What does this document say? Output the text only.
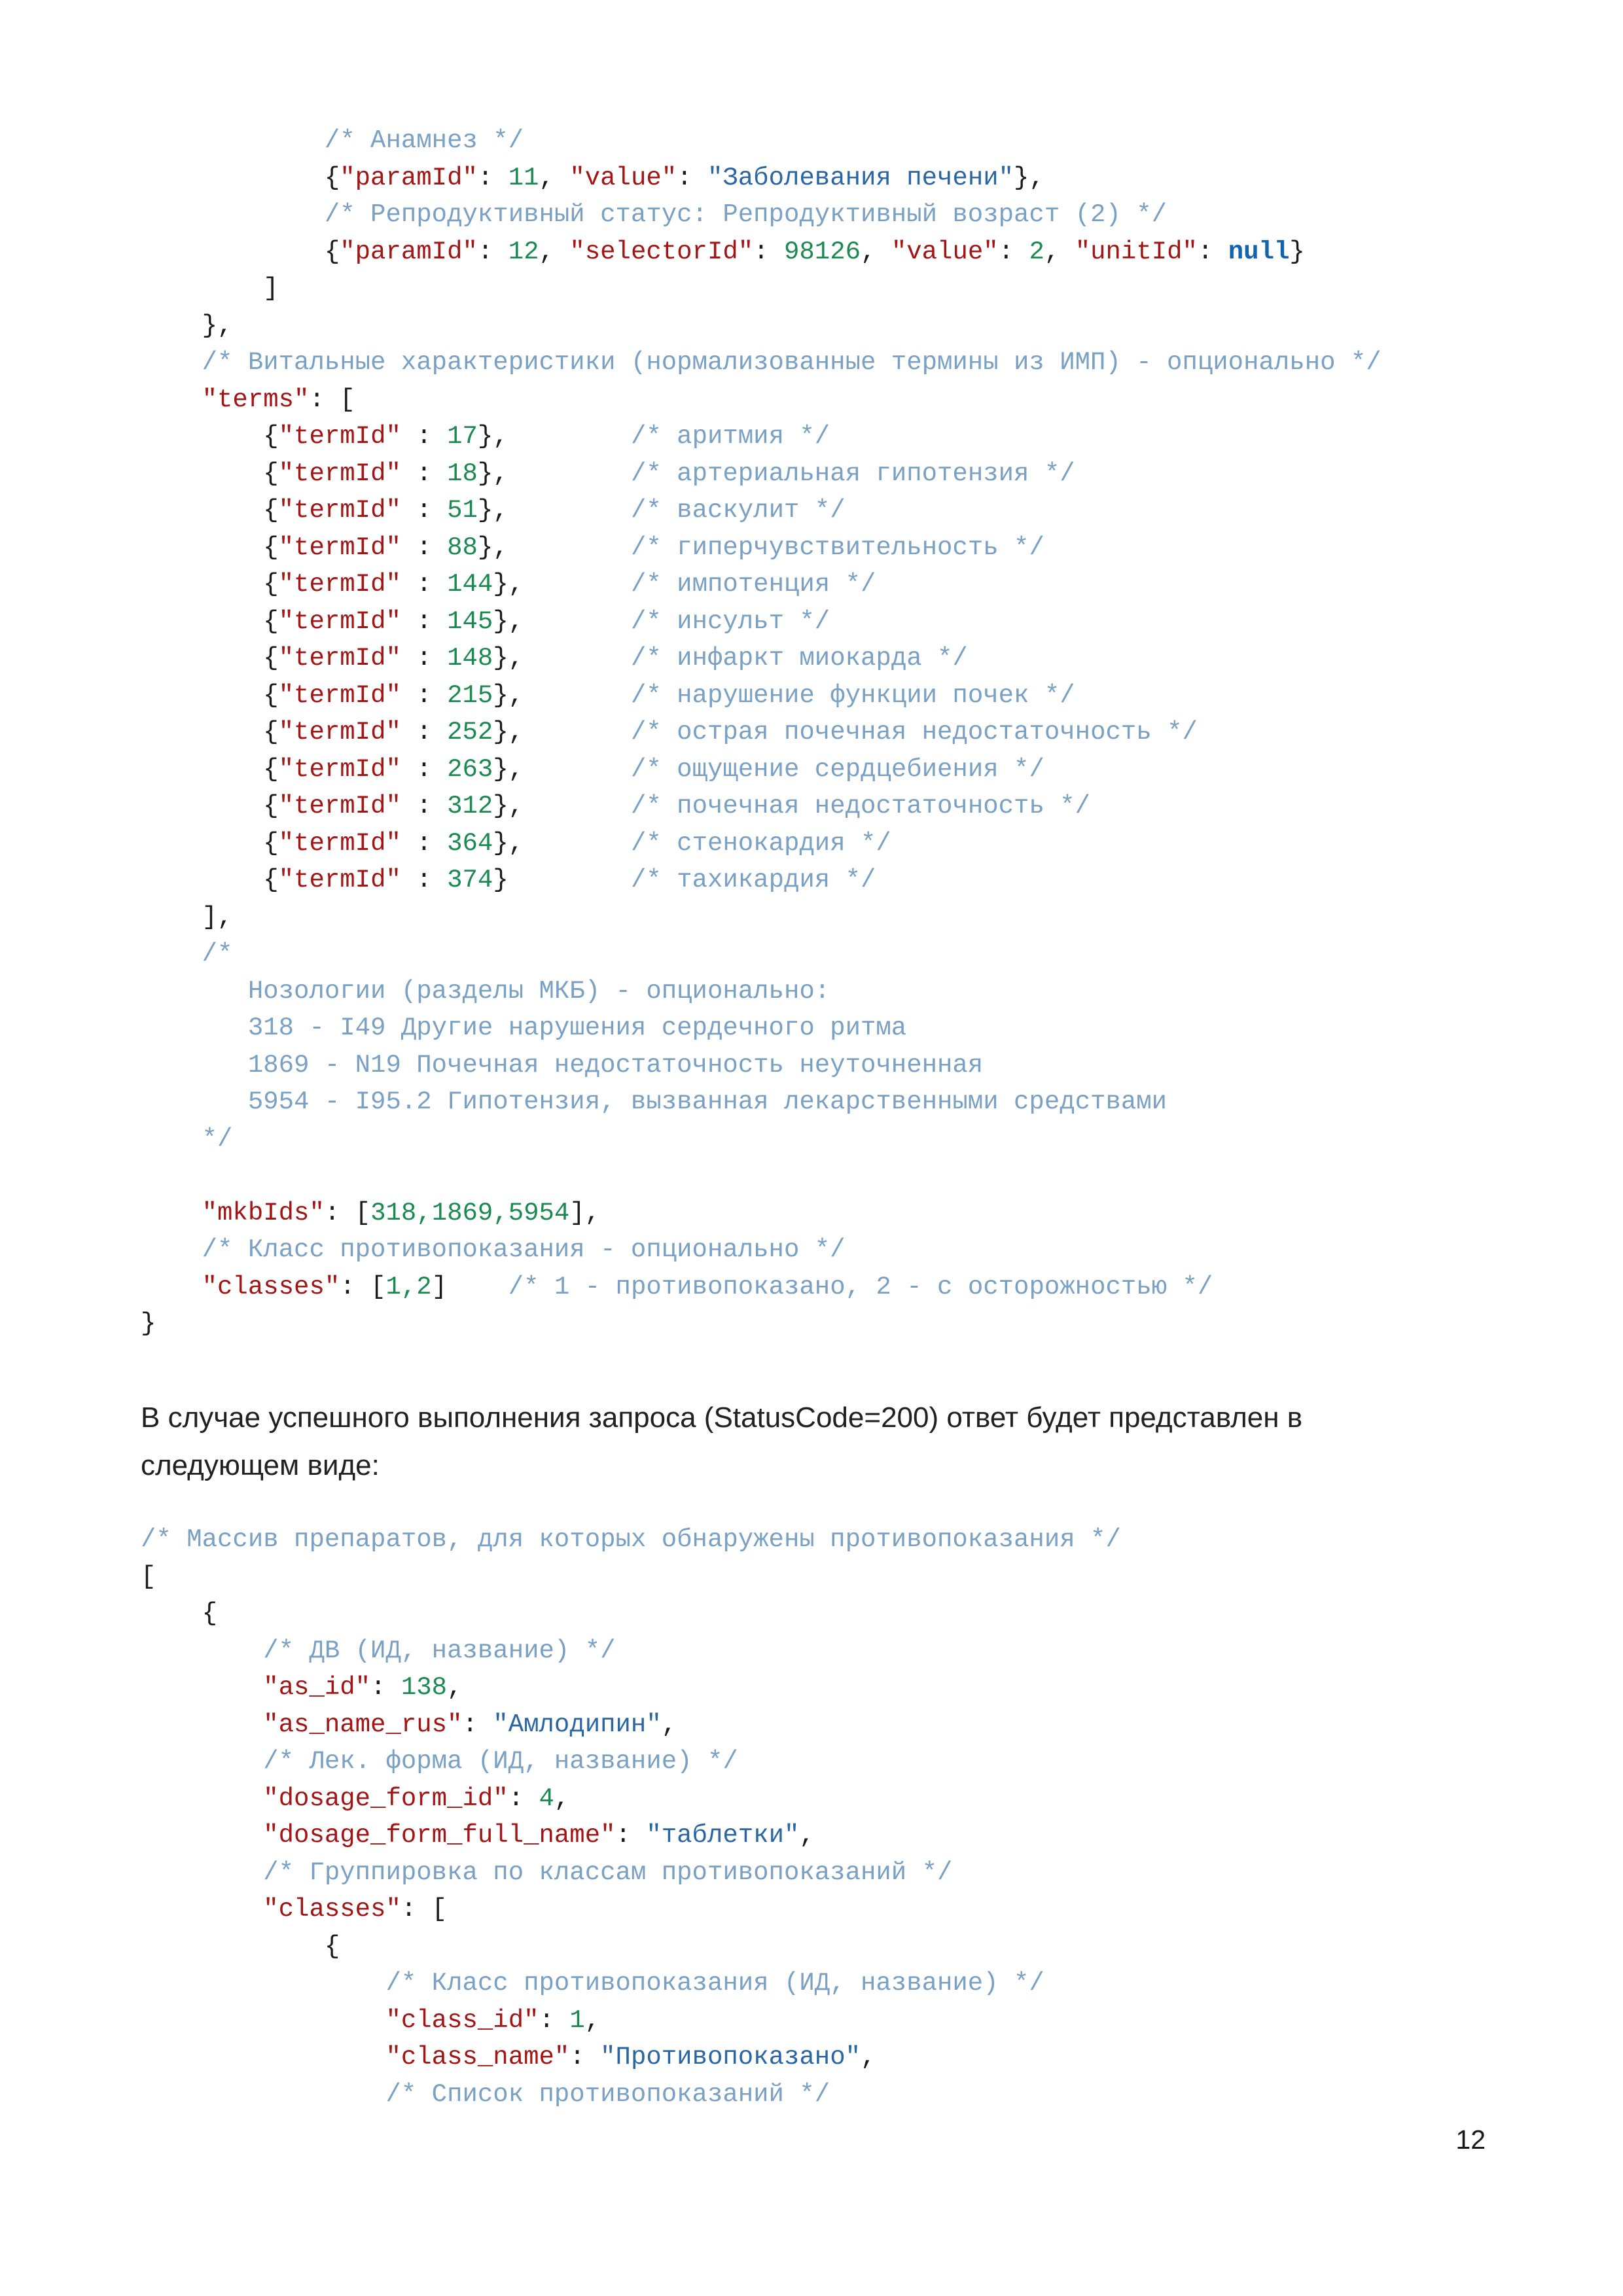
/* Анамнез */
{"paramId": 11, "value": "Заболевания печени"},
/* Репродуктивный статус: Репродуктивный возраст (2) */
{"paramId": 12, "selectorId": 98126, "value": 2, "unitId": null}
]
},
/* Витальные характеристики (нормализованные термины из ИМП) - опционально */
"terms": [
{"termId" : 17},        /* аритмия */
{"termId" : 18},        /* артериальная гипотензия */
{"termId" : 51},        /* васкулит */
{"termId" : 88},        /* гиперчувствительность */
{"termId" : 144},       /* импотенция */
{"termId" : 145},       /* инсульт */
{"termId" : 148},       /* инфаркт миокарда */
{"termId" : 215},       /* нарушение функции почек */
{"termId" : 252},       /* острая почечная недостаточность */
{"termId" : 263},       /* ощущение сердцебиения */
{"termId" : 312},       /* почечная недостаточность */
{"termId" : 364},       /* стенокардия */
{"termId" : 374}        /* тахикардия */
],
/*
Нозологии (разделы МКБ) - опционально:
318 - I49 Другие нарушения сердечного ритма
1869 - N19 Почечная недостаточность неуточненная
5954 - I95.2 Гипотензия, вызванная лекарственными средствами
*/
"mkbIds": [318,1869,5954],
/* Класс противопоказания - опционально */
"classes": [1,2]    /* 1 - противопоказано, 2 - с осторожностью */
}
В случае успешного выполнения запроса (StatusCode=200) ответ будет представлен в
следующем виде:
/* Массив препаратов, для которых обнаружены противопоказания */
[
{
/* ДВ (ИД, название) */
"as_id": 138,
"as_name_rus": "Амлодипин",
/* Лек. форма (ИД, название) */
"dosage_form_id": 4,
"dosage_form_full_name": "таблетки",
/* Группировка по классам противопоказаний */
"classes": [
{
/* Класс противопоказания (ИД, название) */
"class_id": 1,
"class_name": "Противопоказано",
/* Список противопоказаний */
12
